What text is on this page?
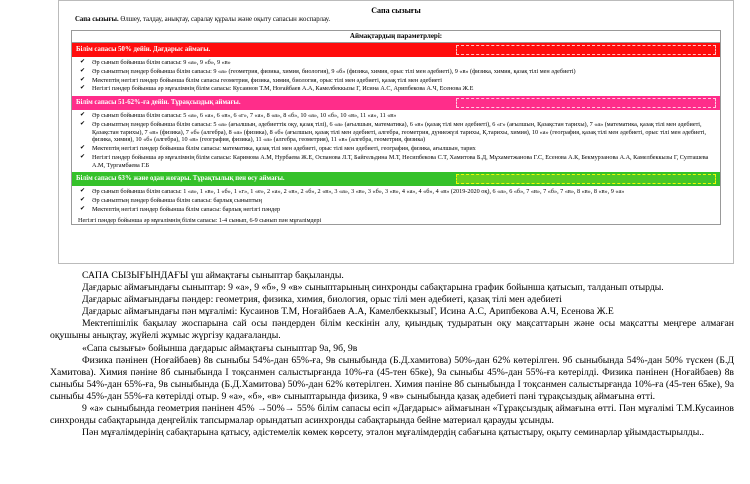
Сапа сызығы
Сапа сызығы. Өлшеу, талдау, анықтау, саралау құралы және оқыту сапасын жоспарлау.
Аймақтардың параметрлері:
Білім сапасы 50% дейін. Дағдарыс аймағы.
✔ Әр сынып бойынша білім сапасы: 9 «а», 9 «б», 9 «в»
✔ Әр сыныптың пәндер бойынша білім сапасы: 9 «а» (геометрия, физика, химия, биология), 9 «б» (физика, химия, орыс тілі мен әдебиеті), 9 «в» (физика, химия, қазақ тілі мен әдебиеті)
✔ Мектептің негізгі пәндер бойынша білім сапасы геометрия, физика, химия, биология, орыс тілі мен әдебиеті, қазақ тілі мен әдебиеті
✔ Негізгі пәндер бойынша әр мұғалімнің білім сапасы: Кусаинов Т.М, Ноғайбаев А.А, Камелбеккызы Г, Исина А.С, Арипбекова А.Ч, Есенова Ж.Е
Білім сапасы 51-62%-ға дейін. Тұрақсыздық аймағы.
✔ Әр сынып бойынша білім сапасы: 5 «а», 6 «а», 6 «в», 6 «г», 7 «а», 8 «а», 8 «б», 10 «а», 10 «б», 10 «в», 11 «а», 11 «в»
✔ Әр сыныптың пәндер бойынша білім сапасы: 5 «а» (ағылшын, әдебиеттік оқу, қазақ тілі), 6 «а» (ағылшын, математика), 6 «в» (қазақ тілі мен әдебиеті), 6 «г» (ағылшын, Қазақстан тарихы), 7 «а» (математика, қазақ тілі мен әдебиеті, Қазақстан тарихы), 7 «в» (физика), 7 «б» (алгебра), 8 «а» (физика), 8 «б» (ағылшын, қазақ тілі мен әдебиеті, алгебра, геометрия, дүниежүзі тарихы, Қ.тарихы, химия), 10 «а» (география, қазақ тілі мен әдебиеті, орыс тілі мен әдебиеті, физика, химия), 10 «б» (алгебра), 10 «в» (география, физика), 11 «а» (алгебра, геометрия), 11 «в» (алгебра, геометрия, физика)
✔ Мектептің негізгі пәндер бойынша білім сапасы: математика, қазақ тілі мен әдебиеті, орыс тілі мен әдебиеті, география, физика, ағылшын, тарих
✔ Негізгі пәндер бойынша әр мұғалімнің білім сапасы: Каримова А.М, Нурбаева Ж.Е, Оспанова Л.Т, Байгельдина М.Т, Несипбекова С.Т, Хамитова Б.Д, Мұхаметжанова Г.С, Есенова А.К, Бекмурзанова А.А, Камелбеккызы Г, Султашева А.М, Тургамбаева Г.Б
Білім сапасы 63% және одан жоғары. Тұрақтылық пен өсу аймағы.
✔ Әр сынып бойынша білім сапасы: 1 «а», 1 «в», 1 «б», 1 «г», 1 «е», 2 «а», 2 «в», 2 «б», 2 «в», 3 «а», 3 «в», 3 «б», 3 «в», 4 «а», 4 «б», 4 «в» (2019-2020 оқ), 6 «а», 6 «б», 7 «в», 7 «б», 7 «в», 8 «в», 8 «в», 9 «а»
✔ Әр сыныптың пәндер бойынша білім сапасы: барлық сыныптың
✔ Мектептің негізгі пәндер бойынша білім сапасы: барлық негізгі пәндер
Негізгі пәндер бойынша әр мұғалімнің білім сапасы: 1-4 сынып, 6-9 сынып пән мұғалімдері

САПА СЫЗЫҒЫНДАҒЫ үш аймақтағы сыныптар бақыланды.

Дағдарыс аймағындағы сыныптар: 9 «а», 9 «б», 9 «в» сыныптарының синхронды сабақтарына график бойынша қатысып, талданып отырды.

Дағдарыс аймағындағы пәндер: геометрия, физика, химия, биология, орыс тілі мен әдебиеті, қазақ тілі мен әдебиеті

Дағдарыс аймағындағы пән мұғалімі: Кусаинов Т.М, Ноғайбаев А.А, КамелбеккызыГ, Исина А.С, Арипбекова А.Ч, Есенова Ж.Е

Мектепішілік бақылау жоспарына сай осы пәндерден білім кескінін алу, қиындық тудыратын оқу мақсаттарын және осы мақсатты меңгере алмаған оқушыны анықтау, жүйелі жұмыс жүргізу қадағаланды.

«Сапа сызығы» бойынша дағдарыс аймақтағы сыныптар 9а, 9б, 9в

Физика пәнінен (Ноғайбаев) 8в сыныбы 54%-дан 65%-ға, 9в сыныбында (Б.Д.хамитова) 50%-дан 62% көтерілген. 9б сыныбында 54%-дан 50% түскен (Б.Д Хамитова). Химия пәніне 8б сыныбында І тоқсанмен салыстырғанда 10%-ға (45-тен 65ке), 9а сыныбы 45%-дан 55%-ға көтерілді. Физика пәнінен (Ноғайбаев) 8в сыныбы 54%-дан 65%-ға, 9в сыныбында (Б.Д.Хамитова) 50%-дан 62% көтерілген. Химия пәніне 8б сыныбында І тоқсанмен салыстырғанда 10%-ға (45-тен 65ке), 9а сыныбы 45%-дан 55%-ға көтерілді отыр. 9 «а», «б», «в» сыныптарында физика, 9 «в» сыныбында қазақ әдебиеті пәні тұрақсыздық аймағына өтті.

9 «а» сыныбында геометрия пәнінен 45% →50%→ 55% білім сапасы өсіп «Дағдарыс» аймағынан «Тұрақсыздық аймағына өтті. Пән мұғалімі Т.М.Кусаинов синхронды сабақтарында деңгейлік тапсырмалар орындатып асинхронды сабақтарында бейне материал қарауды ұсынды.

Пән мұғалімдерінің сабақтарына қатысу, әдістемелік көмек көрсету, эталон мұғалімдердің сабағына қатыстыру, оқыту семинарлар ұйымдастырылды..
